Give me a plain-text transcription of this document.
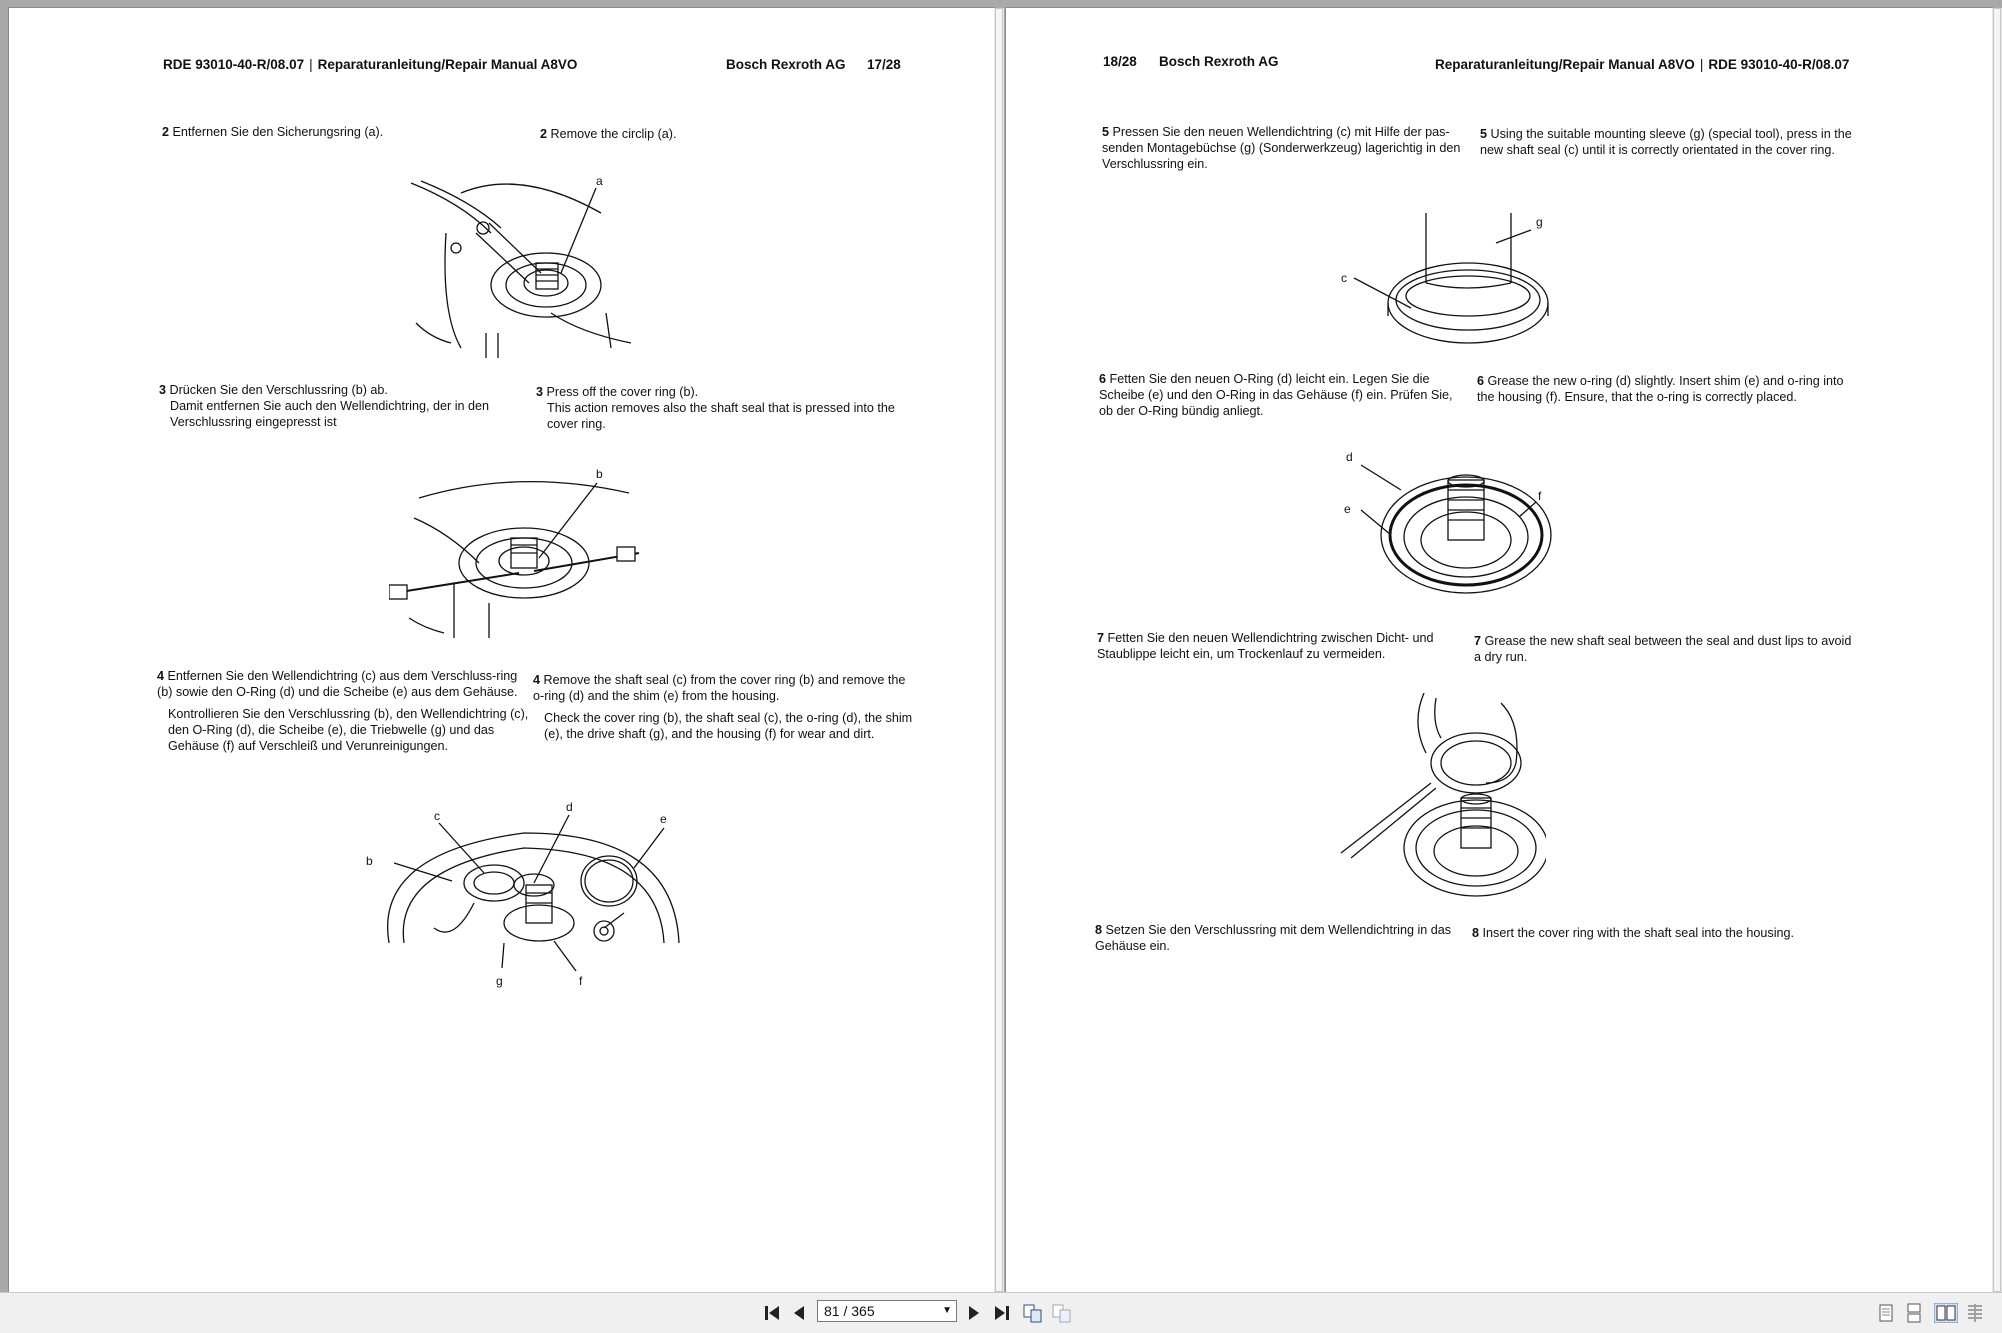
RDE 93010-40-R/08.07 | Reparaturanleitung/Repair Manual A8VO	Bosch Rexroth AG 17/28
2 Entfernen Sie den Sicherungsring (a).	2 Remove the circlip (a).
a
3 Drücken Sie den Verschlussring (b) ab.
Damit entfernen Sie auch den Wellendichtring, der in den Verschlussring eingepresst ist
3 Press off the cover ring (b).
This action removes also the shaft seal that is pressed into the cover ring.
b
4 Entfernen Sie den Wellendichtring (c) aus dem Verschluss-ring (b) sowie den O-Ring (d) und die Scheibe (e) aus dem Gehäuse.
Kontrollieren Sie den Verschlussring (b), den Wellendichtring (c), den O-Ring (d), die Scheibe (e), die Triebwelle (g) und das Gehäuse (f) auf Verschleiß und Verunreinigungen.
4 Remove the shaft seal (c) from the cover ring (b) and remove the o-ring (d) and the shim (e) from the housing.
Check the cover ring (b), the shaft seal (c), the o-ring (d), the shim (e), the drive shaft (g), and the housing (f) for wear and dirt.
b
c
d
e
f
g
18/28 Bosch Rexroth AG	Reparaturanleitung/Repair Manual A8VO | RDE 93010-40-R/08.07
5 Pressen Sie den neuen Wellendichtring (c) mit Hilfe der pas-senden Montagebüchse (g) (Sonderwerkzeug) lagerichtig in den Verschlussring ein.
5 Using the suitable mounting sleeve (g) (special tool), press in the new shaft seal (c) until it is correctly orientated in the cover ring.
g
c
6 Fetten Sie den neuen O-Ring (d) leicht ein. Legen Sie die Scheibe (e) und den O-Ring in das Gehäuse (f) ein. Prüfen Sie, ob der O-Ring bündig anliegt.
6 Grease the new o-ring (d) slightly. Insert shim (e) and o-ring into the housing (f). Ensure, that the o-ring is correctly placed.
d
e
f
7 Fetten Sie den neuen Wellendichtring zwischen Dicht- und Staublippe leicht ein, um Trockenlauf zu vermeiden.
7 Grease the new shaft seal between the seal and dust lips to avoid a dry run.
8 Setzen Sie den Verschlussring mit dem Wellendichtring in das Gehäuse ein.
8 Insert the cover ring with the shaft seal into the housing.
81 / 365	▼
